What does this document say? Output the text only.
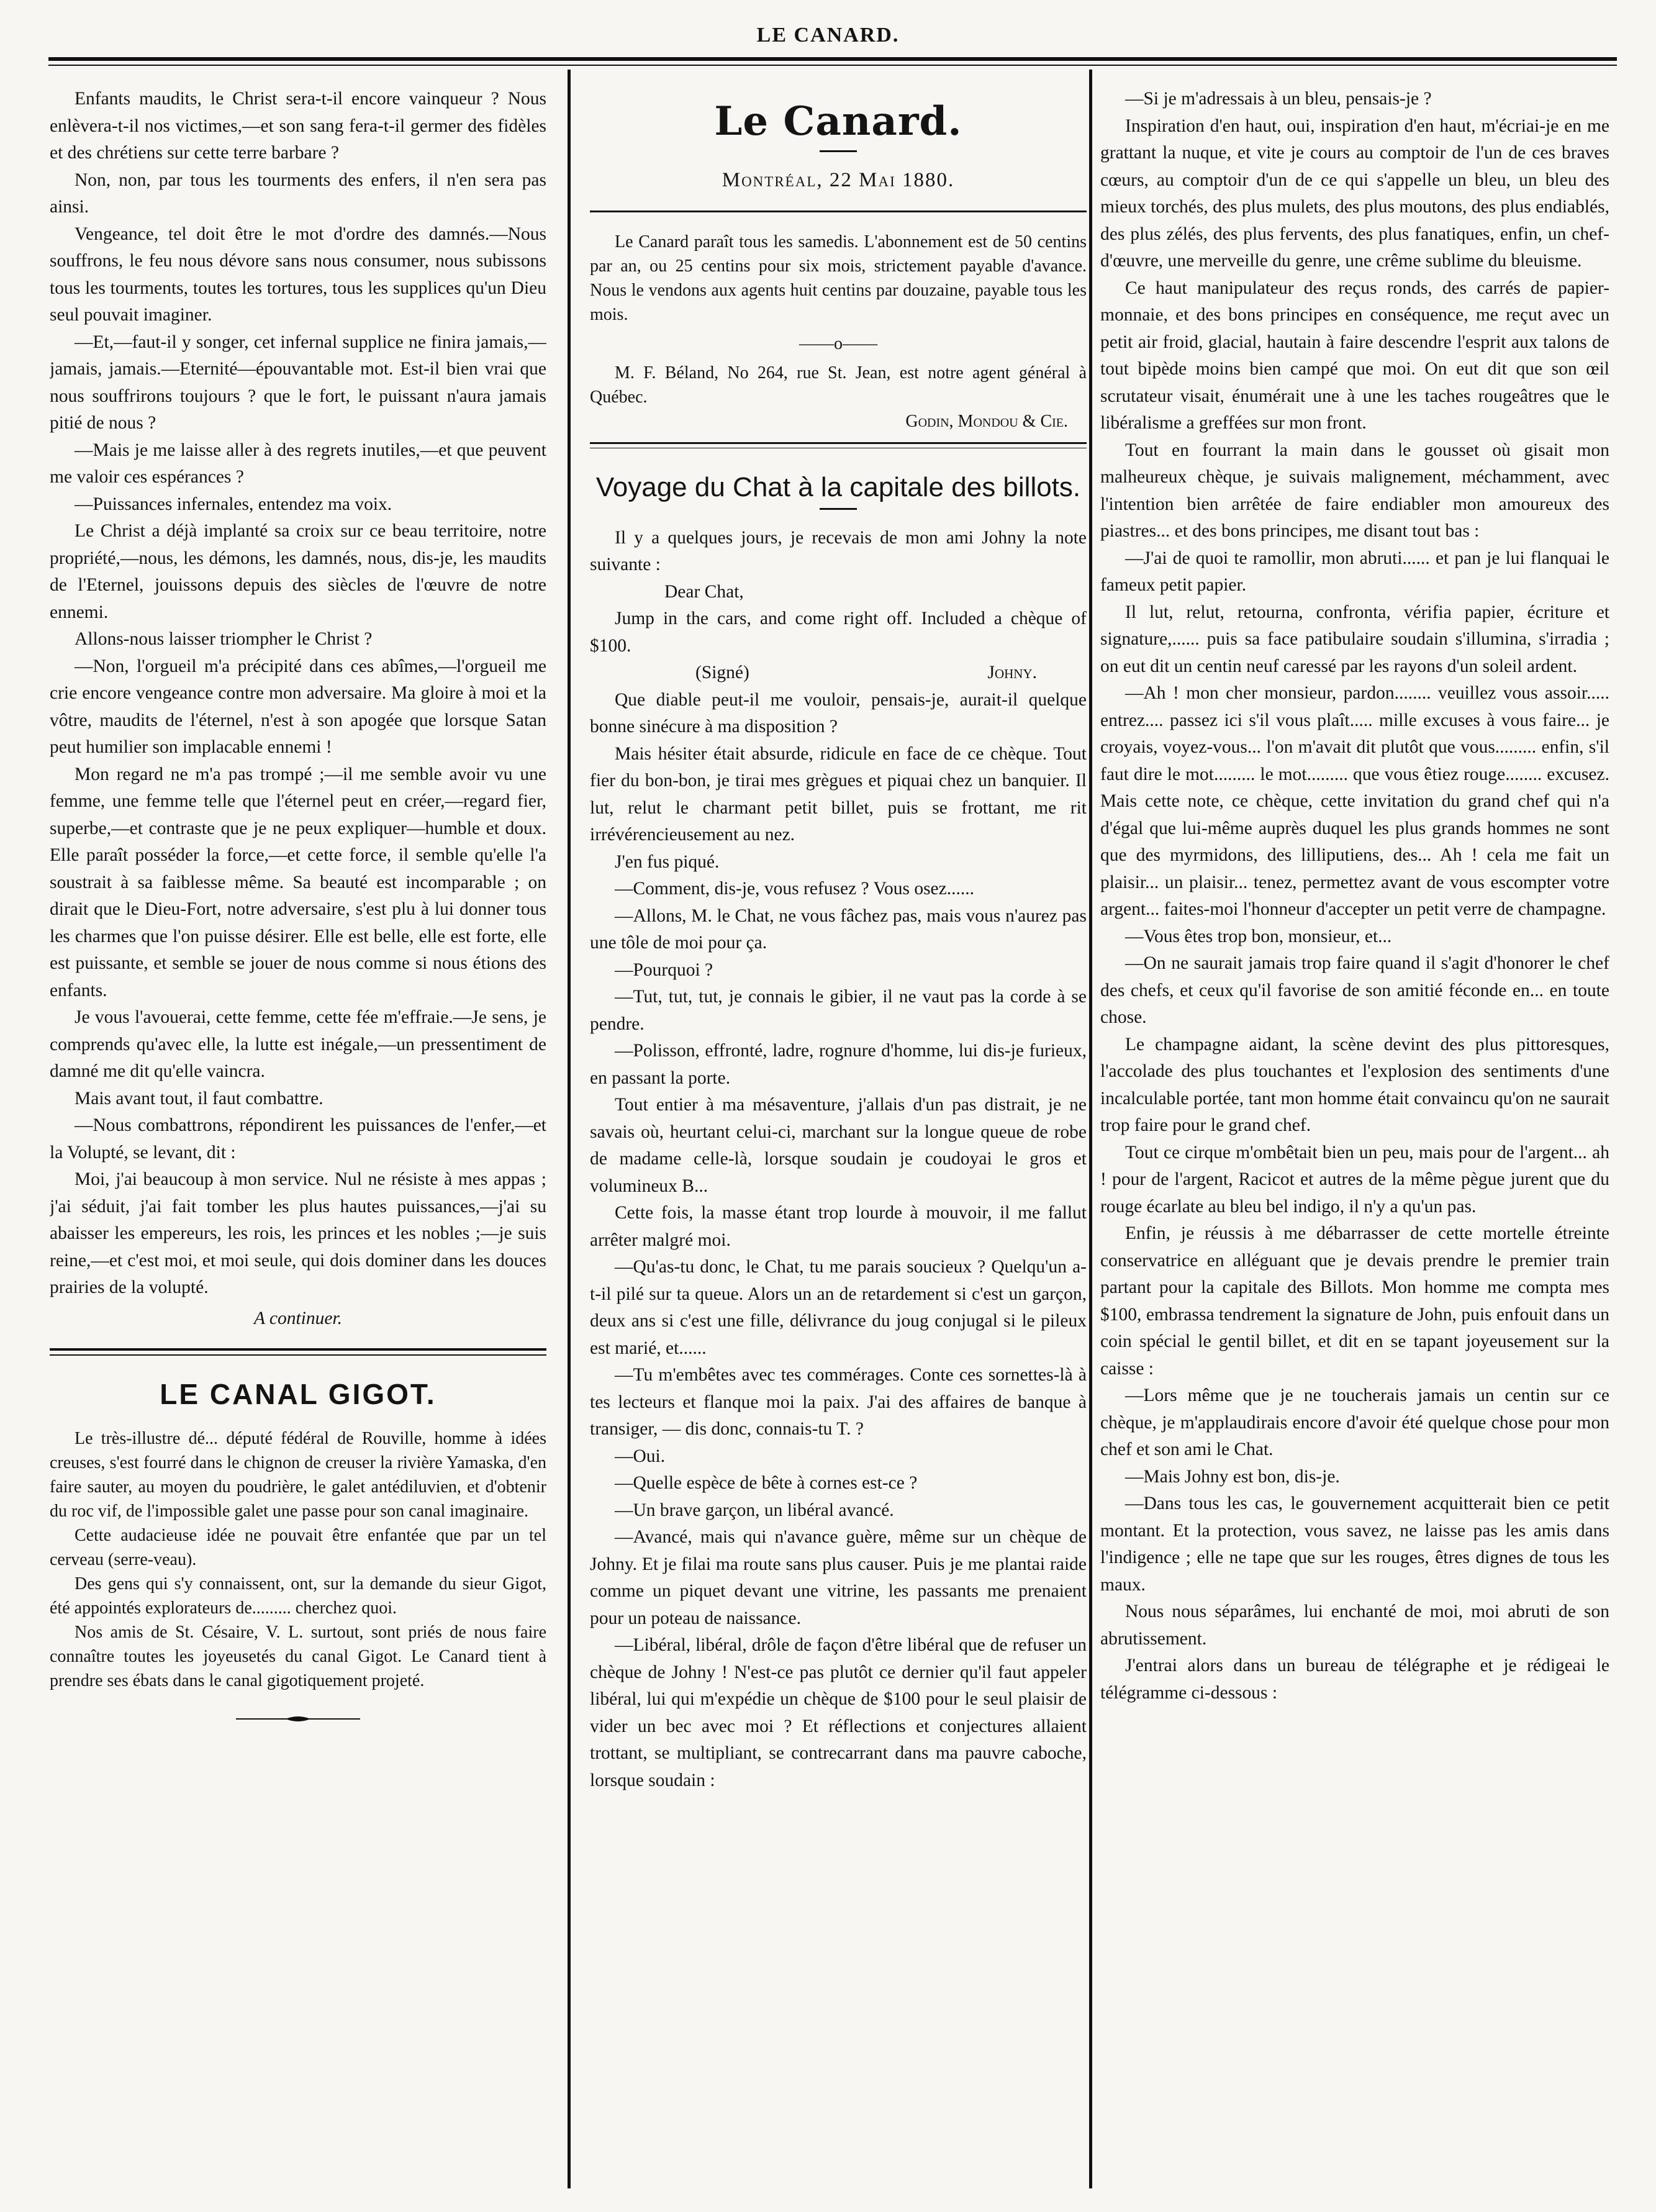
LE CANARD.

Enfants maudits, le Christ sera-t-il encore vainqueur ? Nous enlèvera-t-il nos victimes,—et son sang fera-t-il germer des fidèles et des chrétiens sur cette terre barbare ?

Non, non, par tous les tourments des enfers, il n'en sera pas ainsi.

Vengeance, tel doit être le mot d'ordre des damnés.—Nous souffrons, le feu nous dévore sans nous consumer, nous subissons tous les tourments, toutes les tortures, tous les supplices qu'un Dieu seul pouvait imaginer.

—Et,—faut-il y songer, cet infernal supplice ne finira jamais,—jamais, jamais.—Eternité—épouvantable mot. Est-il bien vrai que nous souffrirons toujours ? que le fort, le puissant n'aura jamais pitié de nous ?

—Mais je me laisse aller à des regrets inutiles,—et que peuvent me valoir ces espérances ?

—Puissances infernales, entendez ma voix.

Le Christ a déjà implanté sa croix sur ce beau territoire, notre propriété,—nous, les démons, les damnés, nous, dis-je, les maudits de l'Eternel, jouissons depuis des siècles de l'œuvre de notre ennemi.

Allons-nous laisser triompher le Christ ?

—Non, l'orgueil m'a précipité dans ces abîmes,—l'orgueil me crie encore vengeance contre mon adversaire. Ma gloire à moi et la vôtre, maudits de l'éternel, n'est à son apogée que lorsque Satan peut humilier son implacable ennemi !

Mon regard ne m'a pas trompé ;—il me semble avoir vu une femme, une femme telle que l'éternel peut en créer,—regard fier, superbe,—et contraste que je ne peux expliquer—humble et doux. Elle paraît posséder la force,—et cette force, il semble qu'elle l'a soustrait à sa faiblesse même. Sa beauté est incomparable ; on dirait que le Dieu-Fort, notre adversaire, s'est plu à lui donner tous les charmes que l'on puisse désirer. Elle est belle, elle est forte, elle est puissante, et semble se jouer de nous comme si nous étions des enfants.

Je vous l'avouerai, cette femme, cette fée m'effraie.—Je sens, je comprends qu'avec elle, la lutte est inégale,—un pressentiment de damné me dit qu'elle vaincra.

Mais avant tout, il faut combattre.

—Nous combattrons, répondirent les puissances de l'enfer,—et la Volupté, se levant, dit :

Moi, j'ai beaucoup à mon service. Nul ne résiste à mes appas ; j'ai séduit, j'ai fait tomber les plus hautes puissances,—j'ai su abaisser les empereurs, les rois, les princes et les nobles ;—je suis reine,—et c'est moi, et moi seule, qui dois dominer dans les douces prairies de la volupté.

A continuer.
LE CANAL GIGOT.

Le très-illustre dé... député fédéral de Rouville, homme à idées creuses, s'est fourré dans le chignon de creuser la rivière Yamaska, d'en faire sauter, au moyen du poudrière, le galet antédiluvien, et d'obtenir du roc vif, de l'impossible galet une passe pour son canal imaginaire.

Cette audacieuse idée ne pouvait être enfantée que par un tel cerveau (serre-veau).

Des gens qui s'y connaissent, ont, sur la demande du sieur Gigot, été appointés explorateurs de......... cherchez quoi.

Nos amis de St. Césaire, V. L. surtout, sont priés de nous faire connaître toutes les joyeusetés du canal Gigot. Le Canard tient à prendre ses ébats dans le canal gigotiquement projeté.

Le Canard.
Montréal, 22 Mai 1880.

Le Canard paraît tous les samedis. L'abonnement est de 50 centins par an, ou 25 centins pour six mois, strictement payable d'avance. Nous le vendons aux agents huit centins par douzaine, payable tous les mois.

——o——

M. F. Béland, No 264, rue St. Jean, est notre agent général à Québec.

Godin, Mondou & Cie.
Voyage du Chat à la capitale des billots.

Il y a quelques jours, je recevais de mon ami Johny la note suivante :

Dear Chat,

Jump in the cars, and come right off. Included a chèque of $100.

(Signé)	Johny.

Que diable peut-il me vouloir, pensais-je, aurait-il quelque bonne sinécure à ma disposition ?

Mais hésiter était absurde, ridicule en face de ce chèque. Tout fier du bon-bon, je tirai mes grègues et piquai chez un banquier. Il lut, relut le charmant petit billet, puis se frottant, me rit irrévérencieusement au nez.

J'en fus piqué.

—Comment, dis-je, vous refusez ? Vous osez......

—Allons, M. le Chat, ne vous fâchez pas, mais vous n'aurez pas une tôle de moi pour ça.

—Pourquoi ?

—Tut, tut, tut, je connais le gibier, il ne vaut pas la corde à se pendre.

—Polisson, effronté, ladre, rognure d'homme, lui dis-je furieux, en passant la porte.

Tout entier à ma mésaventure, j'allais d'un pas distrait, je ne savais où, heurtant celui-ci, marchant sur la longue queue de robe de madame celle-là, lorsque soudain je coudoyai le gros et volumineux B...

Cette fois, la masse étant trop lourde à mouvoir, il me fallut arrêter malgré moi.

—Qu'as-tu donc, le Chat, tu me parais soucieux ? Quelqu'un a-t-il pilé sur ta queue. Alors un an de retardement si c'est un garçon, deux ans si c'est une fille, délivrance du joug conjugal si le pileux est marié, et......

—Tu m'embêtes avec tes commérages. Conte ces sornettes-là à tes lecteurs et flanque moi la paix. J'ai des affaires de banque à transiger, — dis donc, connais-tu T. ?

—Oui.

—Quelle espèce de bête à cornes est-ce ?

—Un brave garçon, un libéral avancé.

—Avancé, mais qui n'avance guère, même sur un chèque de Johny. Et je filai ma route sans plus causer. Puis je me plantai raide comme un piquet devant une vitrine, les passants me prenaient pour un poteau de naissance.

—Libéral, libéral, drôle de façon d'être libéral que de refuser un chèque de Johny ! N'est-ce pas plutôt ce dernier qu'il faut appeler libéral, lui qui m'expédie un chèque de $100 pour le seul plaisir de vider un bec avec moi ? Et réflections et conjectures allaient trottant, se multipliant, se contrecarrant dans ma pauvre caboche, lorsque soudain :

—Si je m'adressais à un bleu, pensais-je ?

Inspiration d'en haut, oui, inspiration d'en haut, m'écriai-je en me grattant la nuque, et vite je cours au comptoir de l'un de ces braves cœurs, au comptoir d'un de ce qui s'appelle un bleu, un bleu des mieux torchés, des plus mulets, des plus moutons, des plus endiablés, des plus zélés, des plus fervents, des plus fanatiques, enfin, un chef-d'œuvre, une merveille du genre, une crême sublime du bleuisme.

Ce haut manipulateur des reçus ronds, des carrés de papier-monnaie, et des bons principes en conséquence, me reçut avec un petit air froid, glacial, hautain à faire descendre l'esprit aux talons de tout bipède moins bien campé que moi. On eut dit que son œil scrutateur visait, énumérait une à une les taches rougeâtres que le libéralisme a greffées sur mon front.

Tout en fourrant la main dans le gousset où gisait mon malheureux chèque, je suivais malignement, méchamment, avec l'intention bien arrêtée de faire endiabler mon amoureux des piastres... et des bons principes, me disant tout bas :

—J'ai de quoi te ramollir, mon abruti...... et pan je lui flanquai le fameux petit papier.

Il lut, relut, retourna, confronta, vérifia papier, écriture et signature,...... puis sa face patibulaire soudain s'illumina, s'irradia ; on eut dit un centin neuf caressé par les rayons d'un soleil ardent.

—Ah ! mon cher monsieur, pardon........ veuillez vous assoir..... entrez.... passez ici s'il vous plaît..... mille excuses à vous faire... je croyais, voyez-vous... l'on m'avait dit plutôt que vous......... enfin, s'il faut dire le mot......... le mot......... que vous êtiez rouge........ excusez. Mais cette note, ce chèque, cette invitation du grand chef qui n'a d'égal que lui-même auprès duquel les plus grands hommes ne sont que des myrmidons, des lilliputiens, des... Ah ! cela me fait un plaisir... un plaisir... tenez, permettez avant de vous escompter votre argent... faites-moi l'honneur d'accepter un petit verre de champagne.

—Vous êtes trop bon, monsieur, et...

—On ne saurait jamais trop faire quand il s'agit d'honorer le chef des chefs, et ceux qu'il favorise de son amitié féconde en... en toute chose.

Le champagne aidant, la scène devint des plus pittoresques, l'accolade des plus touchantes et l'explosion des sentiments d'une incalculable portée, tant mon homme était convaincu qu'on ne saurait trop faire pour le grand chef.

Tout ce cirque m'ombêtait bien un peu, mais pour de l'argent... ah ! pour de l'argent, Racicot et autres de la même pègue jurent que du rouge écarlate au bleu bel indigo, il n'y a qu'un pas.

Enfin, je réussis à me débarrasser de cette mortelle étreinte conservatrice en alléguant que je devais prendre le premier train partant pour la capitale des Billots. Mon homme me compta mes $100, embrassa tendrement la signature de John, puis enfouit dans un coin spécial le gentil billet, et dit en se tapant joyeusement sur la caisse :

—Lors même que je ne toucherais jamais un centin sur ce chèque, je m'applaudirais encore d'avoir été quelque chose pour mon chef et son ami le Chat.

—Mais Johny est bon, dis-je.

—Dans tous les cas, le gouvernement acquitterait bien ce petit montant. Et la protection, vous savez, ne laisse pas les amis dans l'indigence ; elle ne tape que sur les rouges, êtres dignes de tous les maux.

Nous nous séparâmes, lui enchanté de moi, moi abruti de son abrutissement.

J'entrai alors dans un bureau de télégraphe et je rédigeai le télégramme ci-dessous :
